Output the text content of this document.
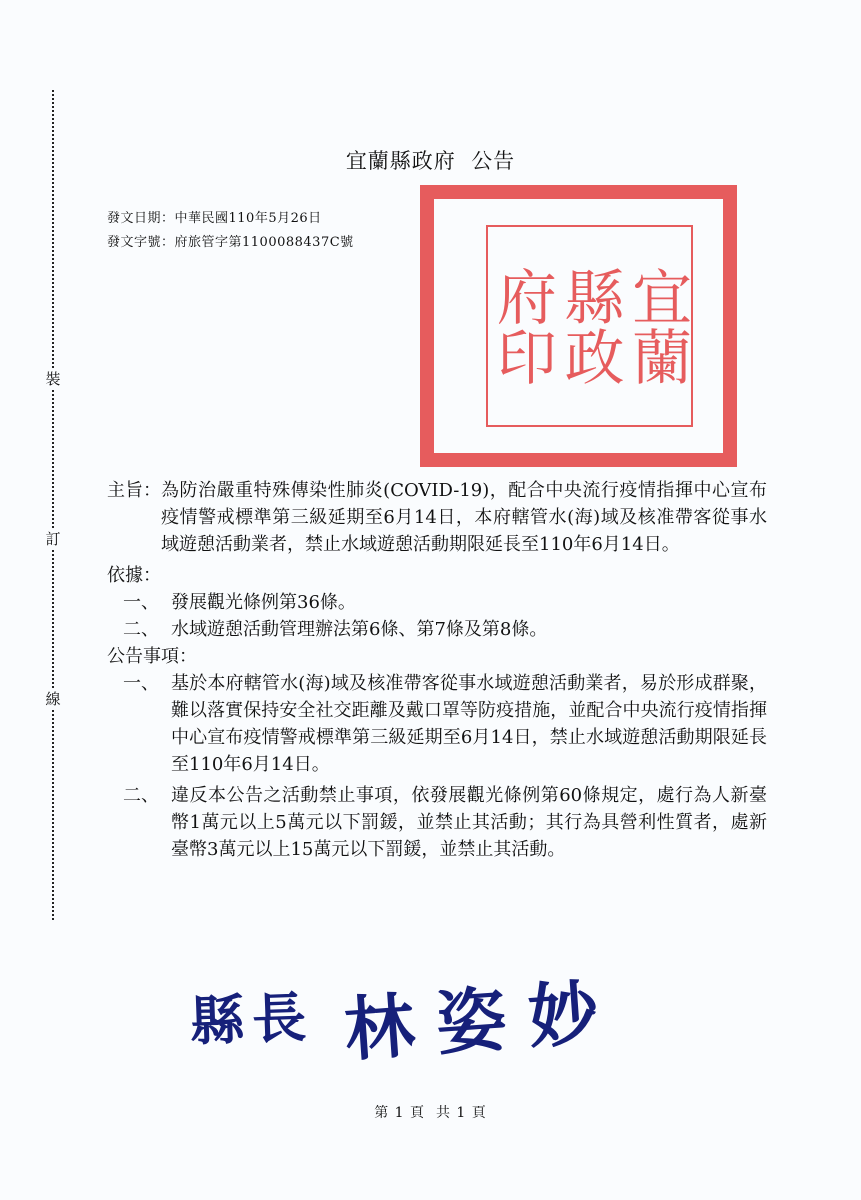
裝
訂
線
宜蘭縣政府  公告
發文日期：中華民國110年5月26日
發文字號：府旅管字第1100088437C號
宜蘭
縣政
府印
主旨： 為防治嚴重特殊傳染性肺炎(COVID-19)，配合中央流行疫情指揮中心宣布疫情警戒標準第三級延期至6月14日，本府轄管水(海)域及核准帶客從事水域遊憩活動業者，禁止水域遊憩活動期限延長至110年6月14日。
依據：
一、 發展觀光條例第36條。
二、 水域遊憩活動管理辦法第6條、第7條及第8條。
公告事項：
一、 基於本府轄管水(海)域及核准帶客從事水域遊憩活動業者，易於形成群聚，難以落實保持安全社交距離及戴口罩等防疫措施，並配合中央流行疫情指揮中心宣布疫情警戒標準第三級延期至6月14日，禁止水域遊憩活動期限延長至110年6月14日。
二、 違反本公告之活動禁止事項，依發展觀光條例第60條規定，處行為人新臺幣1萬元以上5萬元以下罰鍰，並禁止其活動；其行為具營利性質者，處新臺幣3萬元以上15萬元以下罰鍰，並禁止其活動。
縣長 林姿妙
第 1 頁  共 1 頁
